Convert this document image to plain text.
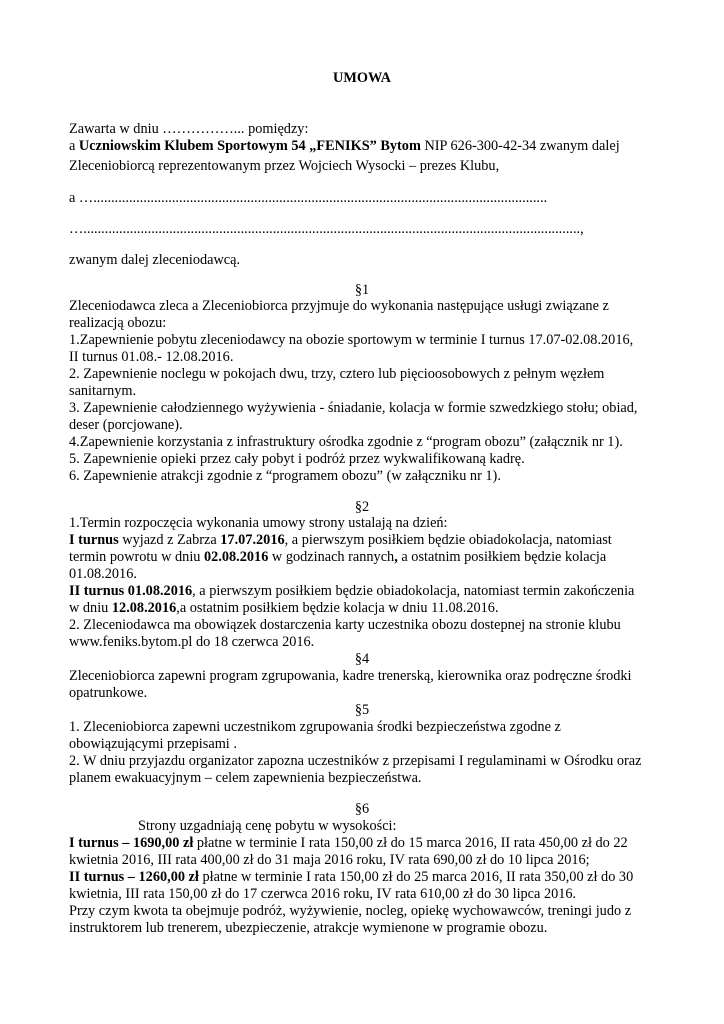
UMOWA
Zawarta w dniu ……………... pomiędzy:
a Uczniowskim Klubem Sportowym 54 „FENIKS” Bytom NIP 626-300-42-34 zwanym dalej
Zleceniobiorcą reprezentowanym przez Wojciech Wysocki – prezes Klubu,
a …...............................................................................................................................
…...........................................................................................................................................,
zwanym dalej zleceniodawcą.
§1
Zleceniodawca zleca a Zleceniobiorca przyjmuje do wykonania następujące usługi związane z
realizacją obozu:
1.Zapewnienie pobytu zleceniodawcy na obozie sportowym w terminie I turnus 17.07-02.08.2016,
II turnus 01.08.- 12.08.2016.
2. Zapewnienie noclegu w pokojach dwu, trzy, cztero lub pięcioosobowych z pełnym węzłem
sanitarnym.
3. Zapewnienie całodziennego wyżywienia - śniadanie, kolacja w formie szwedzkiego stołu; obiad,
deser (porcjowane).
4.Zapewnienie korzystania z infrastruktury ośrodka zgodnie z “program obozu” (załącznik nr 1).
5. Zapewnienie opieki przez cały pobyt i podróż przez wykwalifikowaną kadrę.
6. Zapewnienie atrakcji zgodnie z “programem obozu” (w załączniku nr 1).
§2
1.Termin rozpoczęcia wykonania umowy strony ustalają na dzień:
I turnus wyjazd z Zabrza 17.07.2016, a pierwszym posiłkiem będzie obiadokolacja, natomiast
termin powrotu w dniu 02.08.2016 w godzinach rannych, a ostatnim posiłkiem będzie kolacja
01.08.2016.
II turnus 01.08.2016, a pierwszym posiłkiem będzie obiadokolacja, natomiast termin zakończenia
w dniu 12.08.2016,a ostatnim posiłkiem będzie kolacja w dniu 11.08.2016.
2. Zleceniodawca ma obowiązek dostarczenia karty uczestnika obozu dostepnej na stronie klubu
www.feniks.bytom.pl do 18 czerwca 2016.
§4
Zleceniobiorca zapewni program zgrupowania, kadre trenerską, kierownika oraz podręczne środki
opatrunkowe.
§5
1. Zleceniobiorca zapewni uczestnikom zgrupowania środki bezpieczeństwa zgodne z
obowiązującymi przepisami .
2. W dniu przyjazdu organizator zapozna uczestników z przepisami I regulaminami w Ośrodku oraz
planem ewakuacyjnym – celem zapewnienia bezpieczeństwa.
§6
Strony uzgadniają cenę pobytu w wysokości:
I turnus – 1690,00 zł płatne w terminie I rata 150,00 zł do 15 marca 2016, II rata 450,00 zł do 22
kwietnia 2016, III rata 400,00 zł do 31 maja 2016 roku, IV rata 690,00 zł do 10 lipca 2016;
II turnus – 1260,00 zł płatne w terminie I rata 150,00 zł do 25 marca 2016, II rata 350,00 zł do 30
kwietnia, III rata 150,00 zł do 17 czerwca 2016 roku, IV rata 610,00 zł do 30 lipca 2016.
Przy czym kwota ta obejmuje podróż, wyżywienie, nocleg, opiekę wychowawców, treningi judo z
instruktorem lub trenerem, ubezpieczenie, atrakcje wymienone w programie obozu.
